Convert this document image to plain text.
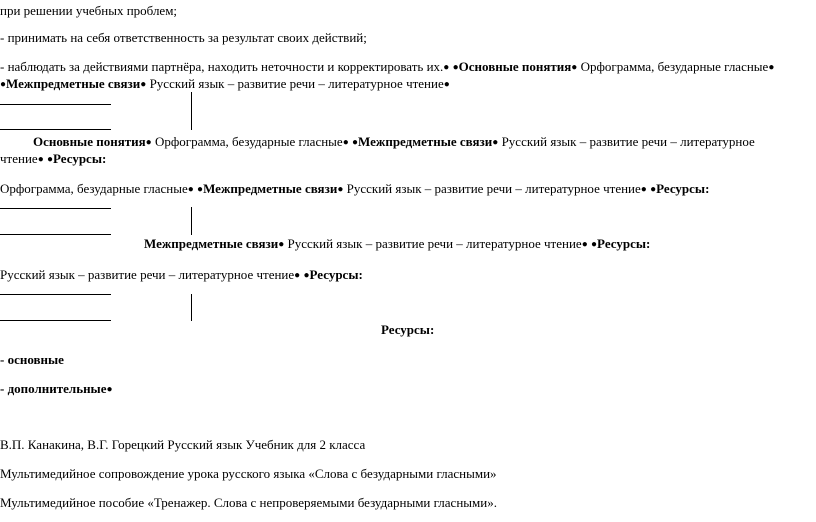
при решении учебных проблем;
- принимать на себя ответственность за результат своих действий;
- наблюдать за действиями партнёра, находить неточности и корректировать их.● ●Основные понятия● Орфограмма, безударные гласные● ●Межпредметные связи● Русский язык – развитие речи – литературное чтение●
Основные понятия● Орфограмма, безударные гласные● ●Межпредметные связи● Русский язык – развитие речи – литературное чтение● ●Ресурсы:
Орфограмма, безударные гласные● ●Межпредметные связи● Русский язык – развитие речи – литературное чтение● ●Ресурсы:
Межпредметные связи● Русский язык – развитие речи – литературное чтение● ●Ресурсы:
Русский язык – развитие речи – литературное чтение● ●Ресурсы:
Ресурсы:
- основные
- дополнительные●
В.П. Канакина, В.Г. Горецкий Русский язык Учебник для 2 класса
Мультимедийное сопровождение урока русского языка «Слова с безударными гласными»
Мультимедийное пособие «Тренажер. Слова с непроверяемыми безударными гласными».
